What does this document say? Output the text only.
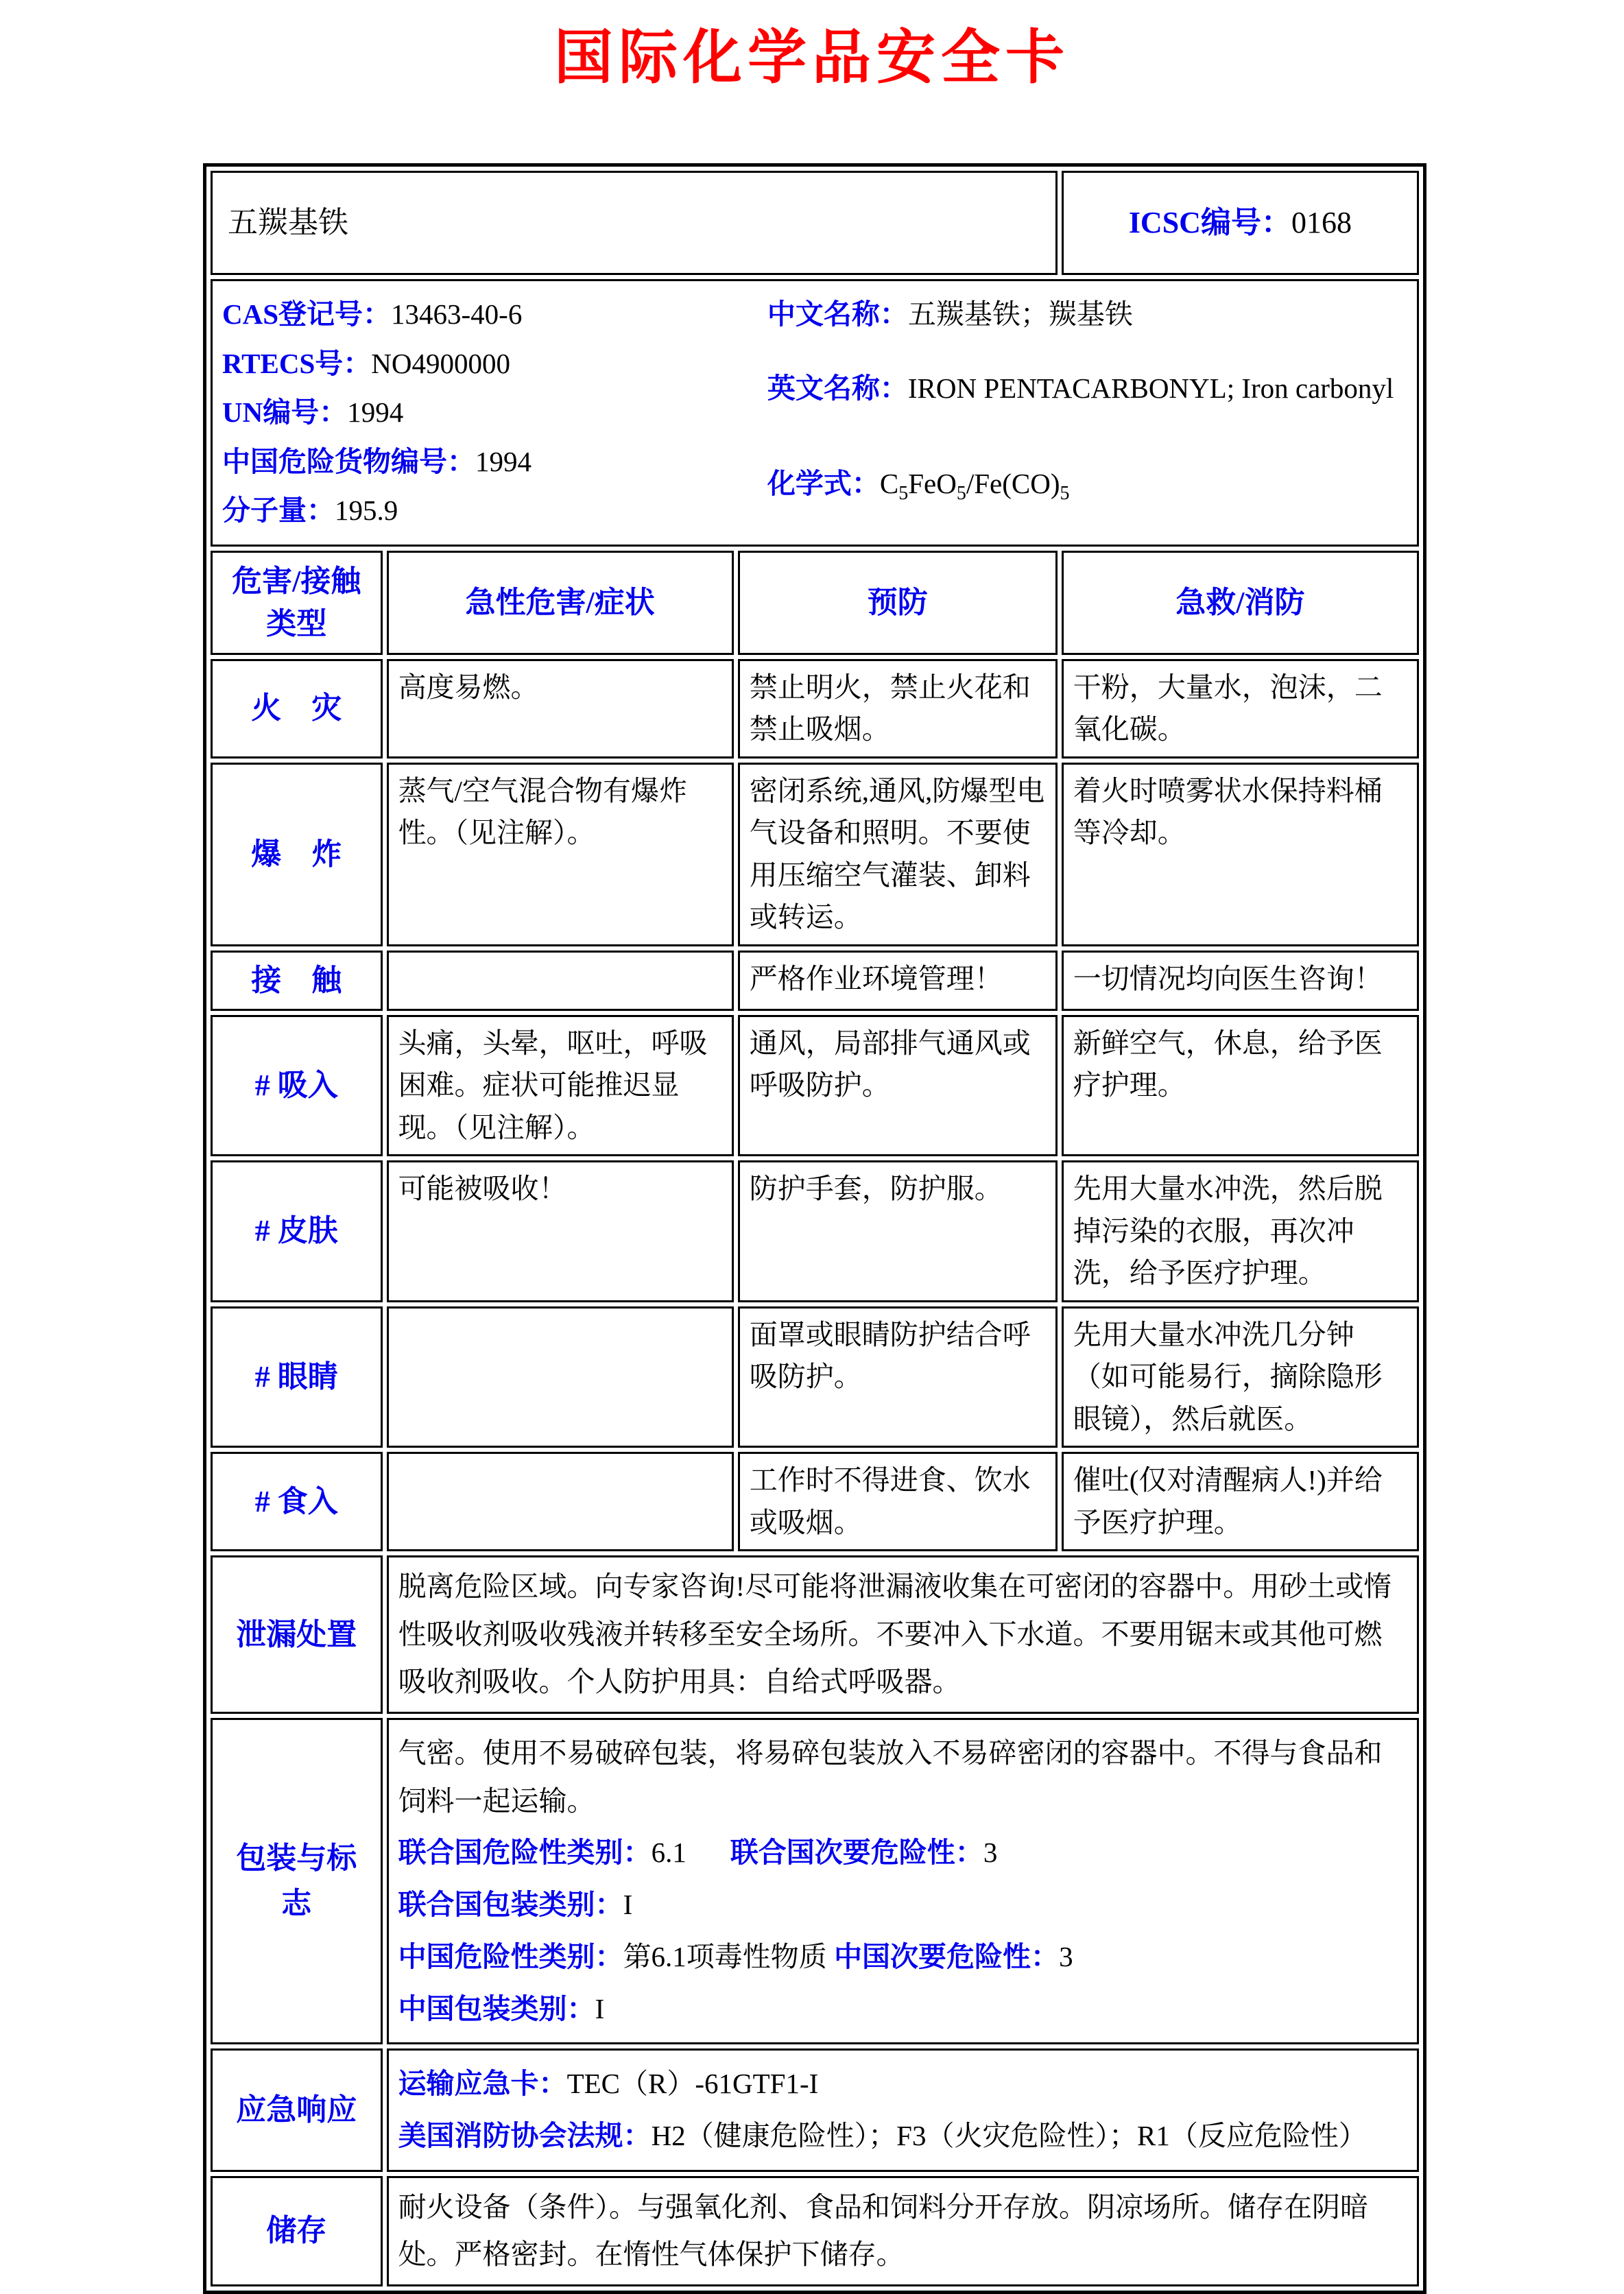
国际化学品安全卡
五羰基铁			ICSC编号：0168

CAS登记号：13463-40-6
RTECS号：NO4900000
UN编号：1994
中国危险货物编号：1994
分子量：195.9
中文名称：五羰基铁；羰基铁
英文名称：IRON PENTACARBONYL; Iron carbonyl
化学式：$C_5FeO_5/Fe(CO)_5$

危害/接触
类型	急性危害/症状	预防	急救/消防
火　灾	高度易燃。	禁止明火，禁止火花和禁止吸烟。	干粉，大量水，泡沫，二氧化碳。
爆　炸	蒸气/空气混合物有爆炸性。（见注解）。	密闭系统,通风,防爆型电气设备和照明。不要使用压缩空气灌装、卸料或转运。	着火时喷雾状水保持料桶等冷却。
接　触		严格作业环境管理！	一切情况均向医生咨询！
# 吸入	头痛，头晕，呕吐，呼吸困难。症状可能推迟显现。（见注解）。	通风，局部排气通风或呼吸防护。	新鲜空气，休息，给予医疗护理。
# 皮肤	可能被吸收！	防护手套，防护服。	先用大量水冲洗，然后脱掉污染的衣服，再次冲洗，给予医疗护理。
# 眼睛		面罩或眼睛防护结合呼吸防护。	先用大量水冲洗几分钟（如可能易行，摘除隐形眼镜），然后就医。
# 食入		工作时不得进食、饮水或吸烟。	催吐(仅对清醒病人!)并给予医疗护理。
泄漏处置	脱离危险区域。向专家咨询!尽可能将泄漏液收集在可密闭的容器中。用砂土或惰性吸收剂吸收残液并转移至安全场所。不要冲入下水道。不要用锯末或其他可燃吸收剂吸收。个人防护用具：自给式呼吸器。		
包装与标志	气密。使用不易破碎包装，将易碎包装放入不易碎密闭的容器中。不得与食品和饲料一起运输。
联合国危险性类别：6.1 联合国次要危险性：3
联合国包装类别：I
中国危险性类别：第6.1项毒性物质 中国次要危险性：3
中国包装类别：I		

应急响应	运输应急卡：TEC（R）-61GTF1-I
美国消防协会法规：H2（健康危险性）；F3（火灾危险性）；R1（反应危险性）		

储存	耐火设备（条件）。与强氧化剂、食品和饲料分开存放。阴凉场所。储存在阴暗处。严格密封。在惰性气体保护下储存。		
